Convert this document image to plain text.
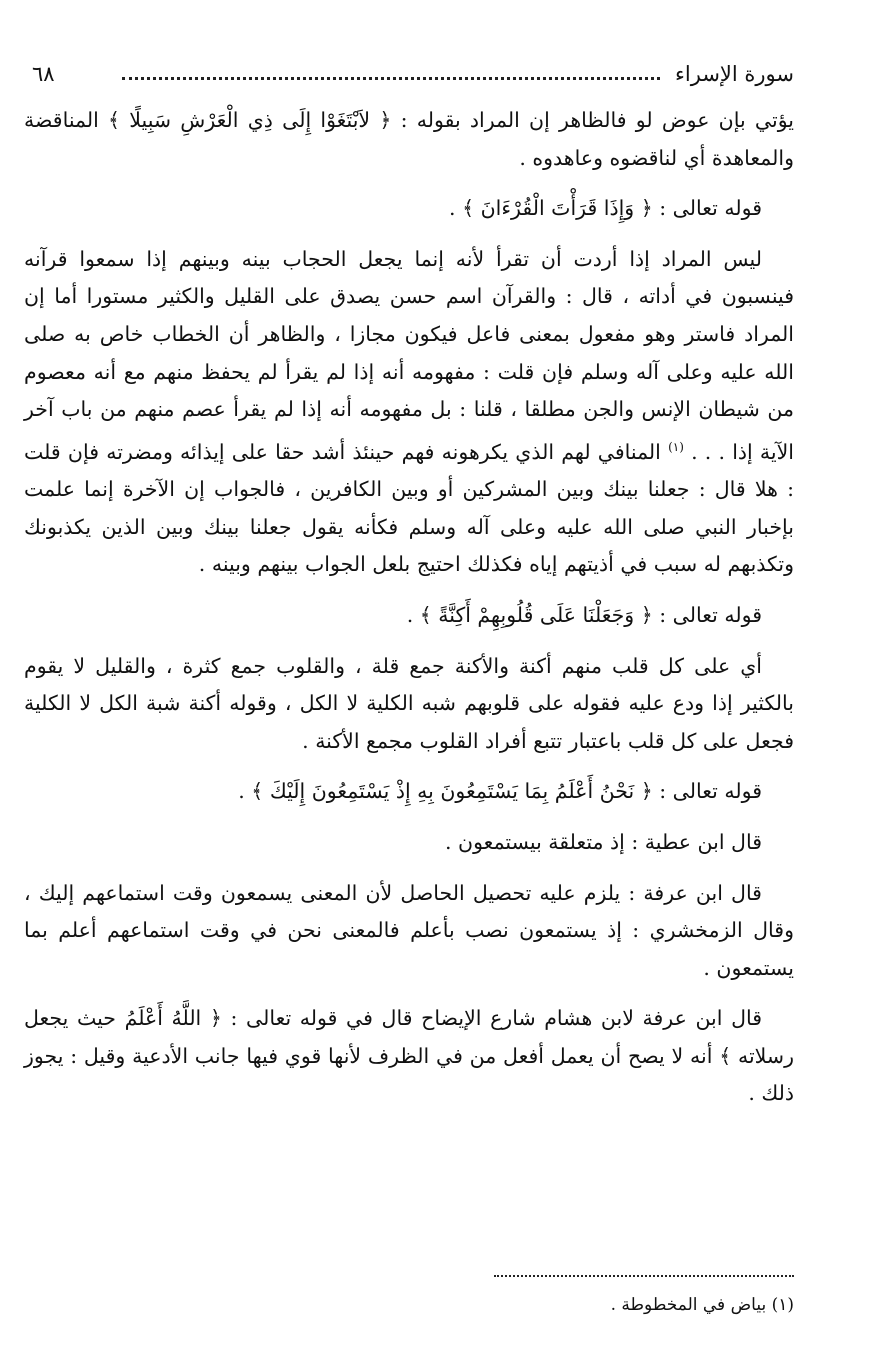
٦٨	سورة الإسراء

يؤتي بإن عوض لو فالظاهر إن المراد بقوله : ﴿ لاَبْتَغَوْا إِلَى ذِي الْعَرْشِ سَبِيلًا ﴾ المناقضة والمعاهدة أي لناقضوه وعاهدوه .

قوله تعالى : ﴿ وَإِذَا قَرَأْتَ الْقُرْءَانَ ﴾ .

ليس المراد إذا أردت أن تقرأ لأنه إنما يجعل الحجاب بينه وبينهم إذا سمعوا قرآنه فينسبون في أداته ، قال : والقرآن اسم حسن يصدق على القليل والكثير مستورا أما إن المراد فاستر وهو مفعول بمعنى فاعل فيكون مجازا ، والظاهر أن الخطاب خاص به صلى الله عليه وعلى آله وسلم فإن قلت : مفهومه أنه إذا لم يقرأ لم يحفظ منهم مع أنه معصوم من شيطان الإنس والجن مطلقا ، قلنا : بل مفهومه أنه إذا لم يقرأ عصم منهم من باب آخر الآية إذا . . . $^{(١)}$ المنافي لهم الذي يكرهونه فهم حينئذ أشد حقا على إيذائه ومضرته فإن قلت : هلا قال : جعلنا بينك وبين المشركين أو وبين الكافرين ، فالجواب إن الآخرة إنما علمت بإخبار النبي صلى الله عليه وعلى آله وسلم فكأنه يقول جعلنا بينك وبين الذين يكذبونك وتكذبهم له سبب في أذيتهم إياه فكذلك احتيج بلعل الجواب بينهم وبينه .

قوله تعالى : ﴿ وَجَعَلْنَا عَلَى قُلُوبِهِمْ أَكِنَّةً ﴾ .

أي على كل قلب منهم أكنة والأكنة جمع قلة ، والقلوب جمع كثرة ، والقليل لا يقوم بالكثير إذا ودع عليه فقوله على قلوبهم شبه الكلية لا الكل ، وقوله أكنة شبة الكل لا الكلية فجعل على كل قلب باعتبار تتبع أفراد القلوب مجمع الأكنة .

قوله تعالى : ﴿ نَحْنُ أَعْلَمُ بِمَا يَسْتَمِعُونَ بِهِ إِذْ يَسْتَمِعُونَ إِلَيْكَ ﴾ .

قال ابن عطية : إذ متعلقة بيستمعون .

قال ابن عرفة : يلزم عليه تحصيل الحاصل لأن المعنى يسمعون وقت استماعهم إليك ، وقال الزمخشري : إذ يستمعون نصب بأعلم فالمعنى نحن في وقت استماعهم أعلم بما يستمعون .

قال ابن عرفة لابن هشام شارع الإيضاح قال في قوله تعالى : ﴿ اللَّهُ أَعْلَمُ حيث يجعل رسلاته ﴾ أنه لا يصح أن يعمل أفعل من في الظرف لأنها قوي فيها جانب الأدعية وقيل : يجوز ذلك .

(١) بياض في المخطوطة .
